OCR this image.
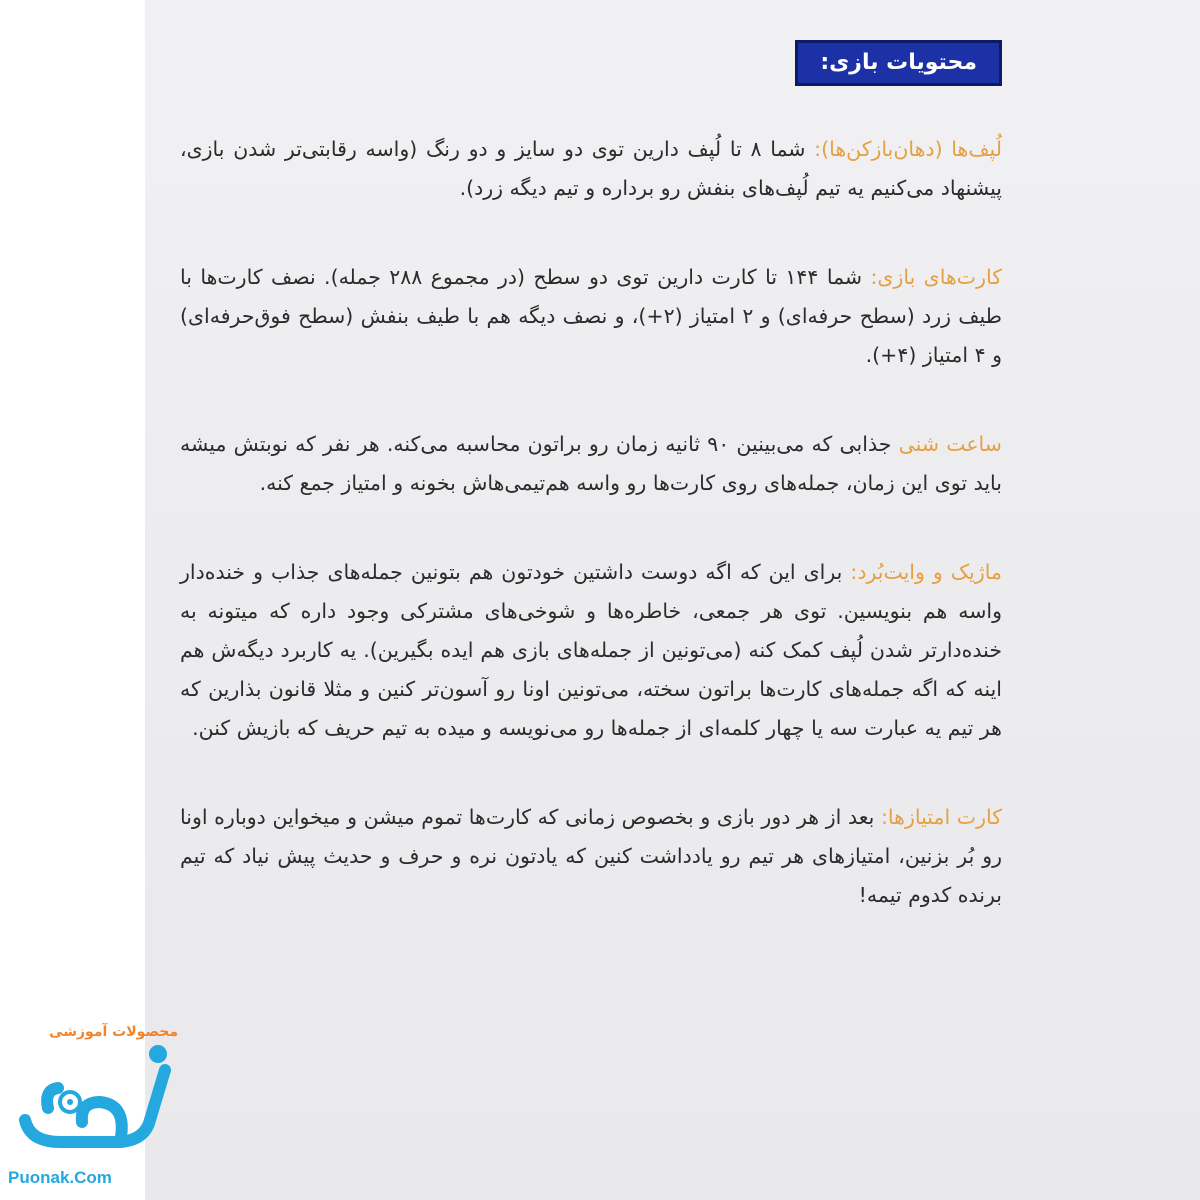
محتویات بازی:

لُپف‌ها (دهان‌بازکن‌ها): شما ۸ تا لُپف دارین توی دو سایز و دو رنگ (واسه رقابتی‌تر شدن بازی، پیشنهاد می‌کنیم یه تیم لُپف‌های بنفش رو برداره و تیم دیگه زرد).

کارت‌های بازی: شما ۱۴۴ تا کارت دارین توی دو سطح (در مجموع ۲۸۸ جمله). نصف کارت‌ها با طیف زرد (سطح حرفه‌ای) و ۲ امتیاز (۲+)، و نصف دیگه هم با طیف بنفش (سطح فوق‌حرفه‌ای) و ۴ امتیاز (۴+).

ساعت شنی جذابی که می‌بینین ۹۰ ثانیه زمان رو براتون محاسبه می‌کنه. هر نفر که نوبتش میشه باید توی این زمان، جمله‌های روی کارت‌ها رو واسه هم‌تیمی‌هاش بخونه و امتیاز جمع کنه.

ماژیک و وایت‌بُرد: برای این که اگه دوست داشتین خودتون هم بتونین جمله‌های جذاب و خنده‌دار واسه هم بنویسین. توی هر جمعی، خاطره‌ها و شوخی‌های مشترکی وجود داره که میتونه به خنده‌دارتر شدن لُپف کمک کنه (می‌تونین از جمله‌های بازی هم ایده بگیرین). یه کاربرد دیگه‌ش هم اینه که اگه جمله‌های کارت‌ها براتون سخته، می‌تونین اونا رو آسون‌تر کنین و مثلا قانون بذارین که هر تیم یه عبارت سه یا چهار کلمه‌ای از جمله‌ها رو می‌نویسه و میده به تیم حریف که بازیش کنن.

کارت امتیازها: بعد از هر دور بازی و بخصوص زمانی که کارت‌ها تموم میشن و میخواین دوباره اونا رو بُر بزنین، امتیازهای هر تیم رو یادداشت کنین که یادتون نره و حرف و حدیث پیش نیاد که تیم برنده کدوم تیمه!

محصولات آموزشی
پونک
Puonak.Com
